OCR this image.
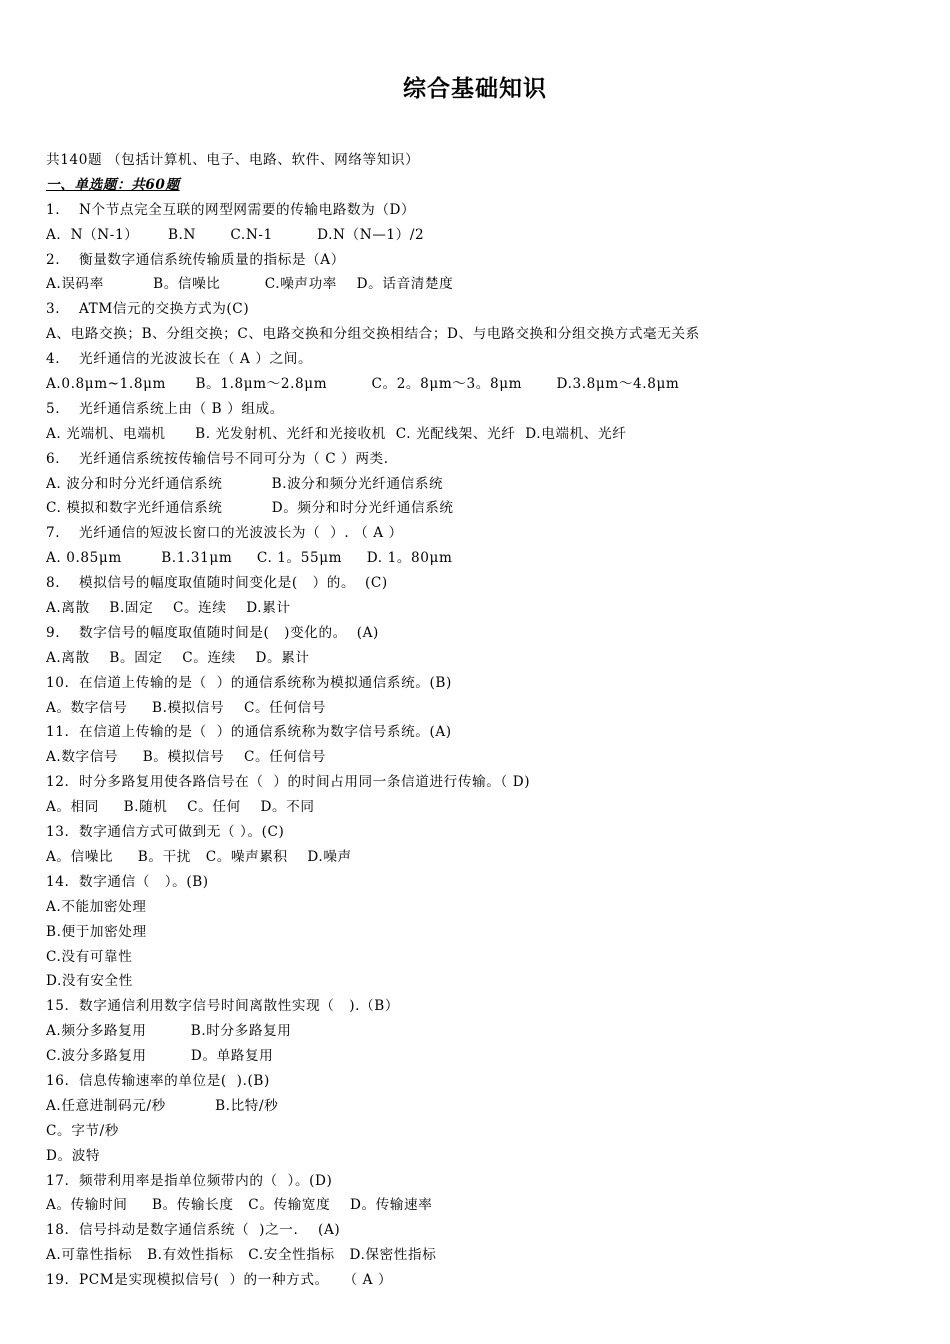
综合基础知识
共140题 （包括计算机、电子、电路、软件、网络等知识）
一、单选题：共60题
1. N个节点完全互联的网型网需要的传输电路数为（D）
A．N（N-1）      B.N       C.N-1         D.N（N—1）/2
2. 衡量数字通信系统传输质量的指标是（A）
A.误码率          B。信噪比         C.噪声功率    D。话音清楚度
3. ATM信元的交换方式为(C)
A、电路交换；B、分组交换；C、电路交换和分组交换相结合；D、与电路交换和分组交换方式毫无关系
4. 光纤通信的光波波长在（ A ）之间。
A.0.8μm~1.8μm      B。1.8μm～2.8μm         C。2。8μm～3。8μm       D.3.8μm～4.8μm
5. 光纤通信系统上由（ B ）组成。
A. 光端机、电端机      B. 光发射机、光纤和光接收机  C. 光配线架、光纤  D.电端机、光纤
6. 光纤通信系统按传输信号不同可分为（ C ）两类.
A. 波分和时分光纤通信系统          B.波分和频分光纤通信系统
C. 模拟和数字光纤通信系统          D。频分和时分光纤通信系统
7. 光纤通信的短波长窗口的光波波长为（  ）. （ A ）
A. 0.85μm        B.1.31μm     C. 1。55μm     D. 1。80μm
8. 模拟信号的幅度取值随时间变化是(   ）的。  (C)
A.离散    B.固定    C。连续    D.累计
9. 数字信号的幅度取值随时间是(   )变化的。  (A)
A.离散    B。固定    C。连续    D。累计
10. 在信道上传输的是（  ）的通信系统称为模拟通信系统。(B)
A。数字信号     B.模拟信号    C。任何信号
11. 在信道上传输的是（  ）的通信系统称为数字信号系统。(A)
A.数字信号     B。模拟信号    C。任何信号
12. 时分多路复用使各路信号在（  ）的时间占用同一条信道进行传输。（ D)
A。相同     B.随机    C。任何    D。不同
13. 数字通信方式可做到无（ ）。(C)
A。信噪比     B。干扰   C。噪声累积    D.噪声
14. 数字通信（   ）。(B)
A.不能加密处理
B.便于加密处理
C.没有可靠性
D.没有安全性
15. 数字通信利用数字信号时间离散性实现（   ).（B）
A.频分多路复用         B.时分多路复用
C.波分多路复用         D。单路复用
16. 信息传输速率的单位是(  ).(B)
A.任意进制码元/秒          B.比特/秒
C。字节/秒
D。波特
17. 频带利用率是指单位频带内的（  ）。(D)
A。传输时间     B。传输长度   C。传输宽度    D。传输速率
18. 信号抖动是数字通信系统（  )之一.    (A)
A.可靠性指标   B.有效性指标   C.安全性指标   D.保密性指标
19. PCM是实现模拟信号(  ）的一种方式。   （ A ）
